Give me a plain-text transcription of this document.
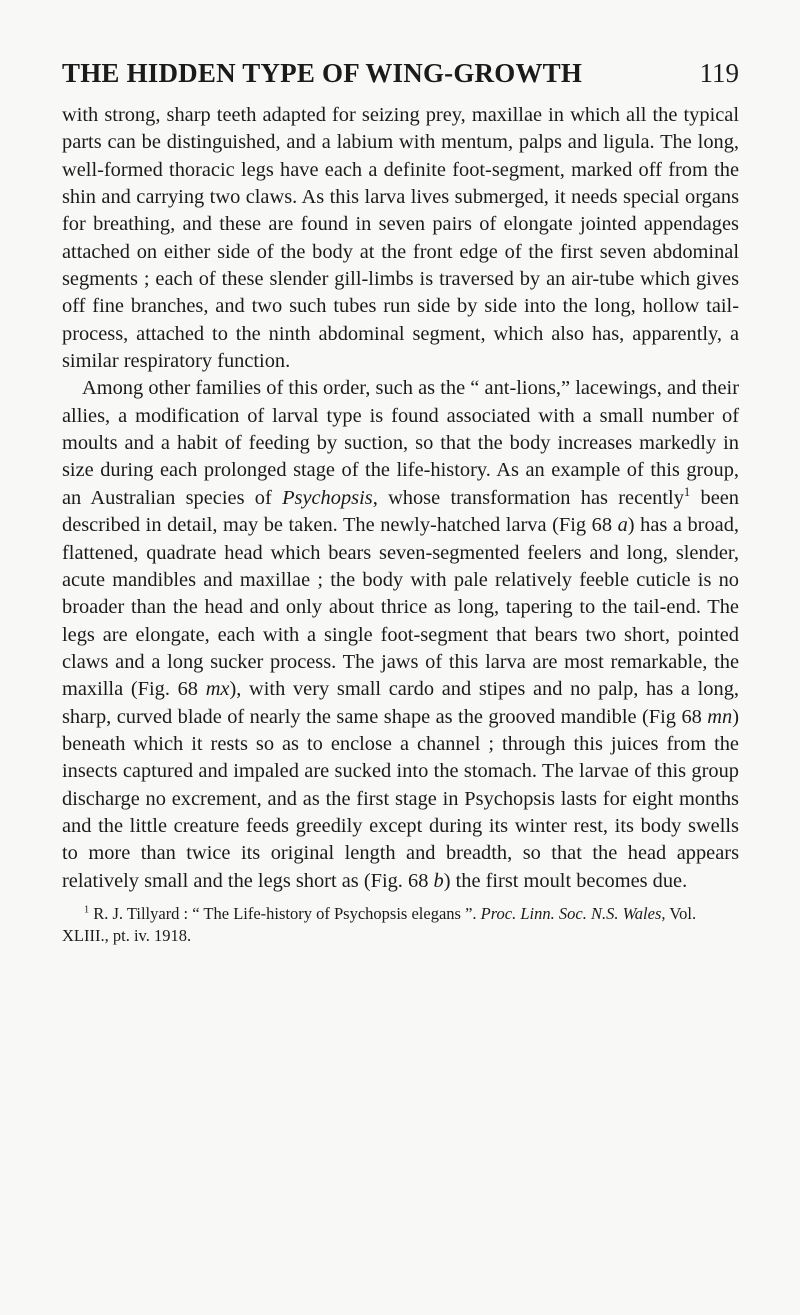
THE HIDDEN TYPE OF WING-GROWTH	119

with strong, sharp teeth adapted for seizing prey, maxillae in which all the typical parts can be distinguished, and a labium with mentum, palps and ligula. The long, well-formed thoracic legs have each a definite foot-segment, marked off from the shin and carrying two claws. As this larva lives submerged, it needs special organs for breathing, and these are found in seven pairs of elongate jointed appendages attached on either side of the body at the front edge of the first seven abdominal segments ; each of these slender gill-limbs is traversed by an air-tube which gives off fine branches, and two such tubes run side by side into the long, hollow tail-process, attached to the ninth abdominal segment, which also has, apparently, a similar respiratory function.

Among other families of this order, such as the “ ant-lions,” lacewings, and their allies, a modification of larval type is found associated with a small number of moults and a habit of feeding by suction, so that the body increases markedly in size during each prolonged stage of the life-history. As an example of this group, an Australian species of Psychopsis, whose transformation has recently$^1$ been described in detail, may be taken. The newly-hatched larva (Fig 68 a) has a broad, flattened, quadrate head which bears seven-segmented feelers and long, slender, acute mandibles and maxillae ; the body with pale relatively feeble cuticle is no broader than the head and only about thrice as long, tapering to the tail-end. The legs are elongate, each with a single foot-segment that bears two short, pointed claws and a long sucker process. The jaws of this larva are most remarkable, the maxilla (Fig. 68 mx), with very small cardo and stipes and no palp, has a long, sharp, curved blade of nearly the same shape as the grooved mandible (Fig 68 mn) beneath which it rests so as to enclose a channel ; through this juices from the insects captured and impaled are sucked into the stomach. The larvae of this group discharge no excrement, and as the first stage in Psychopsis lasts for eight months and the little creature feeds greedily except during its winter rest, its body swells to more than twice its original length and breadth, so that the head appears relatively small and the legs short as (Fig. 68 b) the first moult becomes due.

$^1$ R. J. Tillyard : “ The Life-history of Psychopsis elegans ”. Proc. Linn. Soc. N.S. Wales, Vol. XLIII., pt. iv. 1918.
